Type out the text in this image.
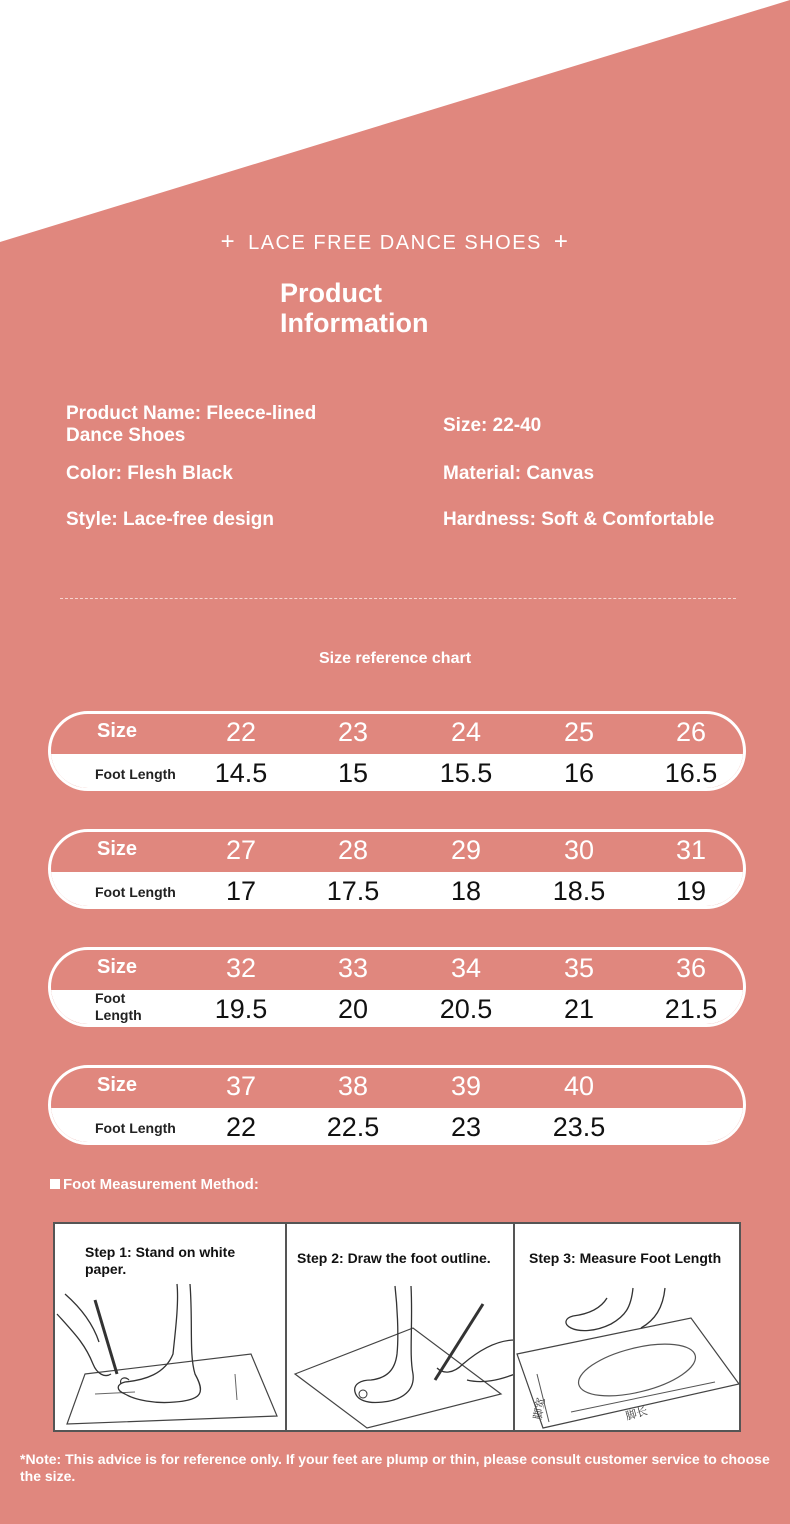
+ LACE FREE DANCE SHOES +
Product
Information
Product Name: Fleece-lined Dance Shoes	Size: 22-40
Color: Flesh Black	Material: Canvas
Style: Lace-free design	Hardness: Soft & Comfortable
Size reference chart
Size	22	23	24	25	26
Foot Length	14.5	15	15.5	16	16.5
Size	27	28	29	30	31
Foot Length	17	17.5	18	18.5	19
Size	32	33	34	35	36
Foot Length	19.5	20	20.5	21	21.5
Size	37	38	39	40
Foot Length	22	22.5	23	23.5
Foot Measurement Method:
Step 1: Stand on white paper.
Step 2: Draw the foot outline.
脚宽	脚长
Step 3: Measure Foot Length
*Note: This advice is for reference only. If your feet are plump or thin, please consult customer service to choose the size.
